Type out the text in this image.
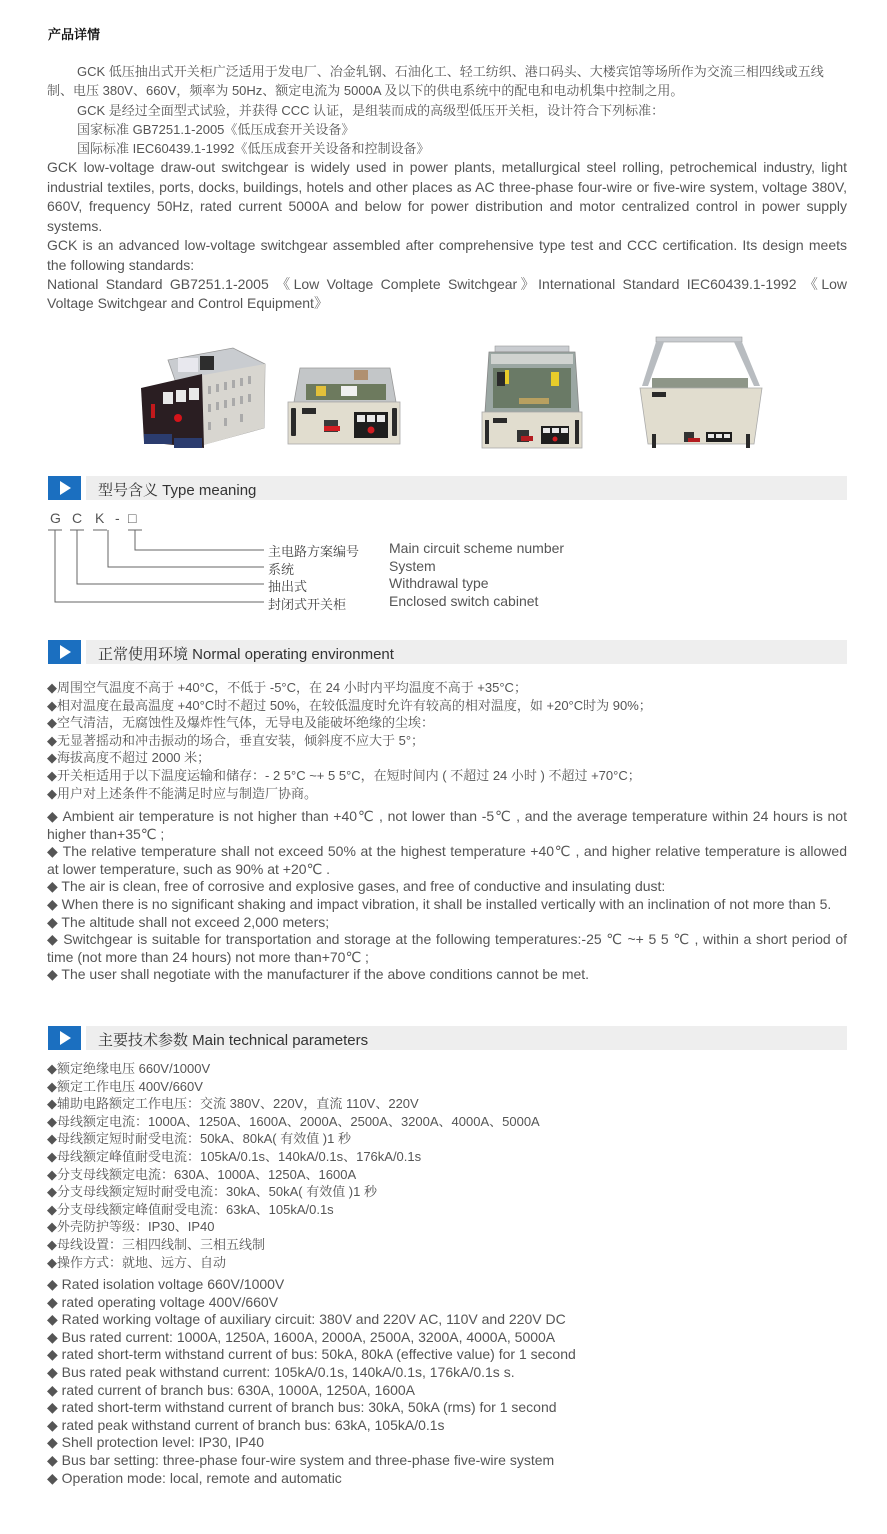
产品详情

GCK 低压抽出式开关柜广泛适用于发电厂、冶金轧钢、石油化工、轻工纺织、港口码头、大楼宾馆等场所作为交流三相四线或五线制、电压 380V、660V，频率为 50Hz、额定电流为 5000A 及以下的供电系统中的配电和电动机集中控制之用。

GCK 是经过全面型式试验，并获得 CCC 认证，是组装而成的高级型低压开关柜，设计符合下列标准：

国家标准 GB7251.1-2005《低压成套开关设备》

国际标准 IEC60439.1-1992《低压成套开关设备和控制设备》

GCK low-voltage draw-out switchgear is widely used in power plants, metallurgical steel rolling, petrochemical industry, light industrial textiles, ports, docks, buildings, hotels and other places as AC three-phase four-wire or five-wire system, voltage 380V, 660V, frequency 50Hz, rated current 5000A and below for power distribution and motor centralized control in power supply systems.

GCK is an advanced low-voltage switchgear assembled after comprehensive type test and CCC certification. Its design meets the following standards:

National Standard GB7251.1-2005 《Low Voltage Complete Switchgear》International Standard IEC60439.1-1992 《Low Voltage Switchgear and Control Equipment》

型号含义 Type meaning
G C K - □
主电路方案编号 Main circuit scheme number
系统	System
抽出式	Withdrawal type
封闭式开关柜	Enclosed switch cabinet
正常使用环境 Normal operating environment
◆周围空气温度不高于 +40°C，不低于 -5°C，在 24 小时内平均温度不高于 +35°C；
◆相对温度在最高温度 +40°C时不超过 50%，在较低温度时允许有较高的相对温度，如 +20°C时为 90%；
◆空气清洁，无腐蚀性及爆炸性气体，无导电及能破坏绝缘的尘埃：
◆无显著摇动和冲击振动的场合，垂直安装，倾斜度不应大于 5°；
◆海拔高度不超过 2000 米；
◆开关柜适用于以下温度运输和储存：- 2 5°C ~+ 5 5°C，在短时间内 ( 不超过 24 小时 ) 不超过 +70°C；
◆用户对上述条件不能满足时应与制造厂协商。
◆ Ambient air temperature is not higher than +40℃ , not lower than -5℃ , and the average temperature within 24 hours is not higher than+35℃ ;
◆ The relative temperature shall not exceed 50% at the highest temperature +40℃ , and higher relative temperature is allowed at lower temperature, such as 90% at +20℃ .
◆ The air is clean, free of corrosive and explosive gases, and free of conductive and insulating dust:
◆ When there is no significant shaking and impact vibration, it shall be installed vertically with an inclination of not more than 5.
◆ The altitude shall not exceed 2,000 meters;
◆ Switchgear is suitable for transportation and storage at the following temperatures:-25 ℃ ~+ 5 5 ℃ , within a short period of time (not more than 24 hours) not more than+70℃ ;
◆ The user shall negotiate with the manufacturer if the above conditions cannot be met.
主要技术参数 Main technical parameters
◆额定绝缘电压 660V/1000V
◆额定工作电压 400V/660V
◆辅助电路额定工作电压：交流 380V、220V，直流 110V、220V
◆母线额定电流：1000A、1250A、1600A、2000A、2500A、3200A、4000A、5000A
◆母线额定短时耐受电流：50kA、80kA( 有效值 )1 秒
◆母线额定峰值耐受电流：105kA/0.1s、140kA/0.1s、176kA/0.1s
◆分支母线额定电流：630A、1000A、1250A、1600A
◆分支母线额定短时耐受电流：30kA、50kA( 有效值 )1 秒
◆分支母线额定峰值耐受电流：63kA、105kA/0.1s
◆外壳防护等级：IP30、IP40
◆母线设置：三相四线制、三相五线制
◆操作方式：就地、远方、自动
◆ Rated isolation voltage 660V/1000V
◆ rated operating voltage 400V/660V
◆ Rated working voltage of auxiliary circuit: 380V and 220V AC, 110V and 220V DC
◆ Bus rated current: 1000A, 1250A, 1600A, 2000A, 2500A, 3200A, 4000A, 5000A
◆ rated short-term withstand current of bus: 50kA, 80kA (effective value) for 1 second
◆ Bus rated peak withstand current: 105kA/0.1s, 140kA/0.1s, 176kA/0.1s s.
◆ rated current of branch bus: 630A, 1000A, 1250A, 1600A
◆ rated short-term withstand current of branch bus: 30kA, 50kA (rms) for 1 second
◆ rated peak withstand current of branch bus: 63kA, 105kA/0.1s
◆ Shell protection level: IP30, IP40
◆ Bus bar setting: three-phase four-wire system and three-phase five-wire system
◆ Operation mode: local, remote and automatic
